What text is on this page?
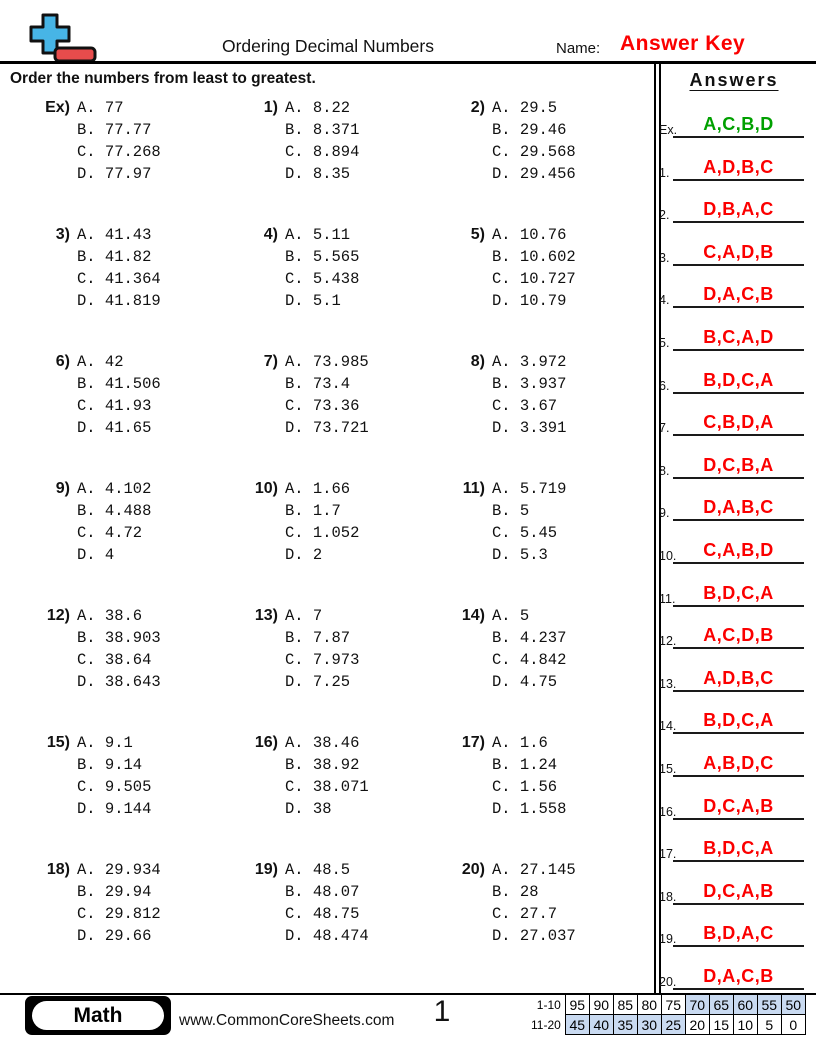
Ordering Decimal Numbers	Name: Answer Key
Order the numbers from least to greatest.
Ex) A. 77
B. 77.77
C. 77.268
D. 77.97
1) A. 8.22
B. 8.371
C. 8.894
D. 8.35
2) A. 29.5
B. 29.46
C. 29.568
D. 29.456
3) A. 41.43
B. 41.82
C. 41.364
D. 41.819
4) A. 5.11
B. 5.565
C. 5.438
D. 5.1
5) A. 10.76
B. 10.602
C. 10.727
D. 10.79
6) A. 42
B. 41.506
C. 41.93
D. 41.65
7) A. 73.985
B. 73.4
C. 73.36
D. 73.721
8) A. 3.972
B. 3.937
C. 3.67
D. 3.391
9) A. 4.102
B. 4.488
C. 4.72
D. 4
10) A. 1.66
B. 1.7
C. 1.052
D. 2
11) A. 5.719
B. 5
C. 5.45
D. 5.3
12) A. 38.6
B. 38.903
C. 38.64
D. 38.643
13) A. 7
B. 7.87
C. 7.973
D. 7.25
14) A. 5
B. 4.237
C. 4.842
D. 4.75
15) A. 9.1
B. 9.14
C. 9.505
D. 9.144
16) A. 38.46
B. 38.92
C. 38.071
D. 38
17) A. 1.6
B. 1.24
C. 1.56
D. 1.558
18) A. 29.934
B. 29.94
C. 29.812
D. 29.66
19) A. 48.5
B. 48.07
C. 48.75
D. 48.474
20) A. 27.145
B. 28
C. 27.7
D. 27.037
Answers
Ex. A,C,B,D
1. A,D,B,C
2. D,B,A,C
3. C,A,D,B
4. D,A,C,B
5. B,C,A,D
6. B,D,C,A
7. C,B,D,A
8. D,C,B,A
9. D,A,B,C
10. C,A,B,D
11. B,D,C,A
12. A,C,D,B
13. A,D,B,C
14. B,D,C,A
15. A,B,D,C
16. D,C,A,B
17. B,D,C,A
18. D,C,A,B
19. B,D,A,C
20. D,A,C,B
Math	www.CommonCoreSheets.com	1	1-10	95	90	85	80	75	70	65	60	55	50
11-20	45	40	35	30	25	20	15	10	5	0
